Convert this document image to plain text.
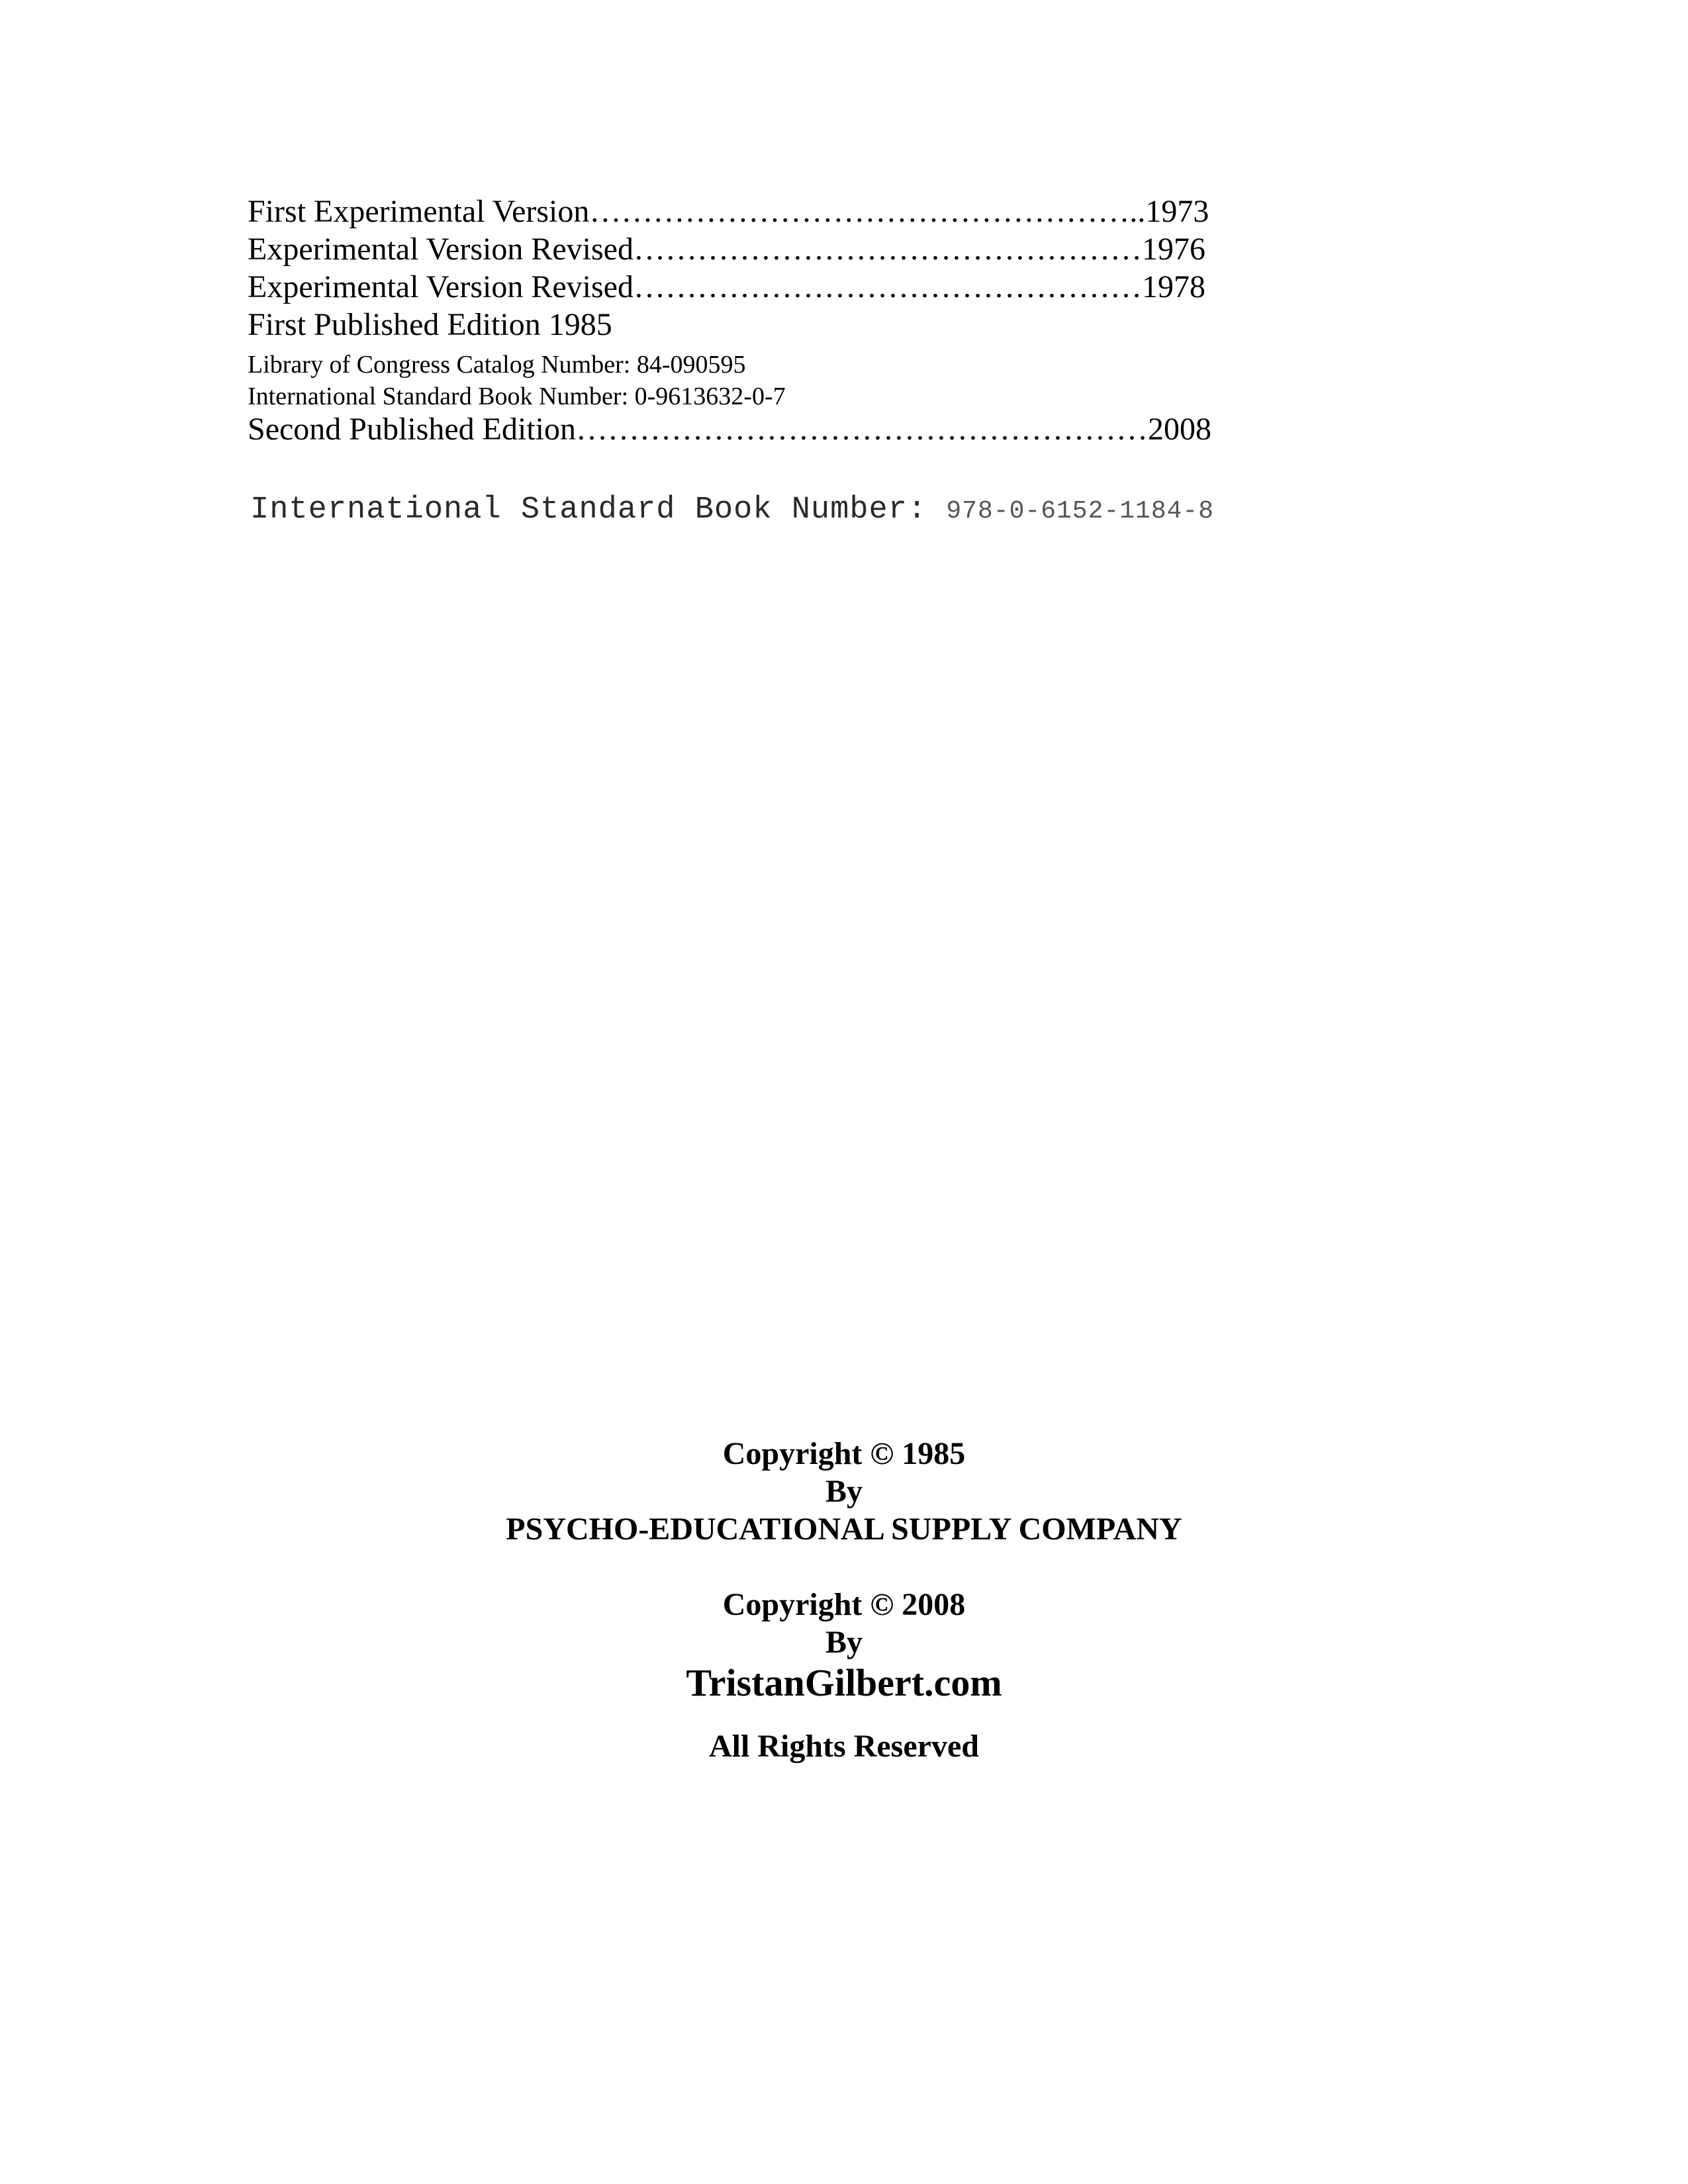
First Experimental Version……………………………………………..1973
Experimental Version Revised…………………………………………1976
Experimental Version Revised…………………………………………1978
First Published Edition 1985
Library of Congress Catalog Number: 84-090595
International Standard Book Number: 0-9613632-0-7
Second Published Edition………………………………………………2008
International Standard Book Number: 978-0-6152-1184-8
Copyright © 1985
By
PSYCHO-EDUCATIONAL SUPPLY COMPANY
Copyright © 2008
By
TristanGilbert.com
All Rights Reserved
